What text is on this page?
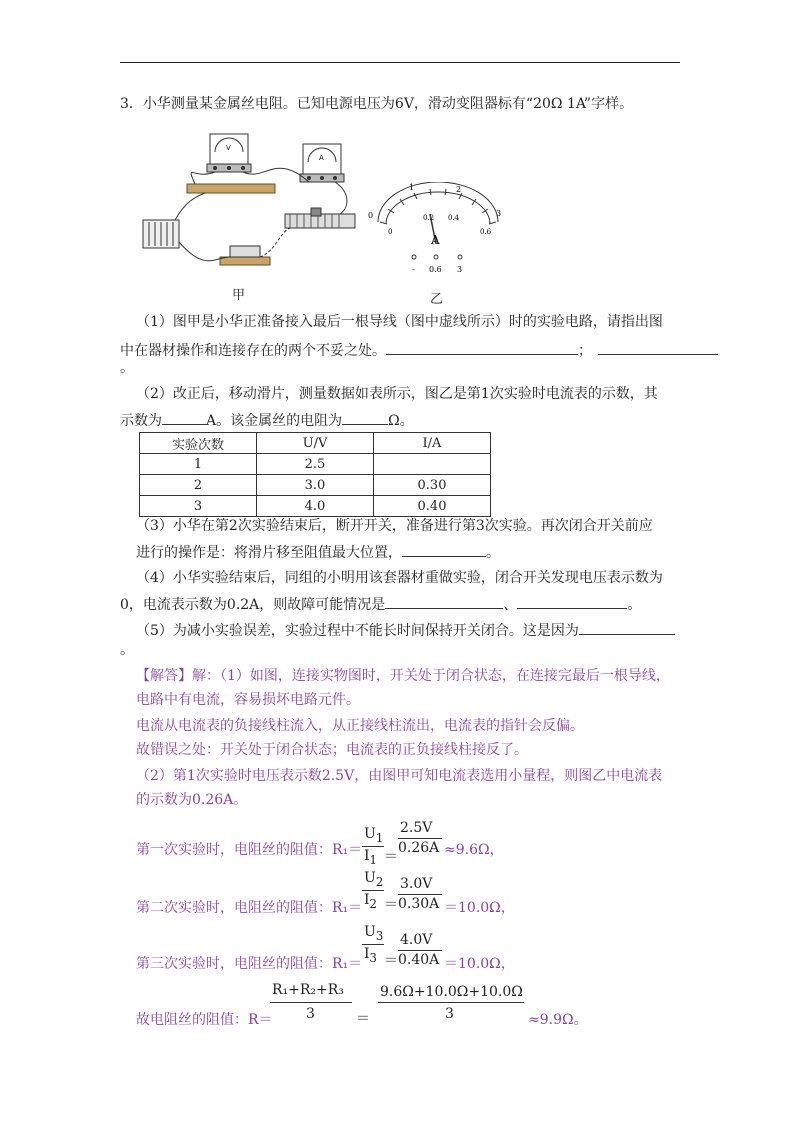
3．小华测量某金属丝电阻。已知电源电压为6V，滑动变阻器标有“20Ω 1A”字样。
V
A
甲
0
1	2
3
0
0.2 0.4
0.6
A
- 0.6 3
乙
（1）图甲是小华正准备接入最后一根导线（图中虚线所示）时的实验电路，请指出图
中在器材操作和连接存在的两个不妥之处。	；
。
（2）改正后，移动滑片，测量数据如表所示，图乙是第1次实验时电流表的示数，其
示数为	A。该金属丝的电阻为	Ω。
实验次数	U/V	I/A
1	2.5	
2	3.0	0.30
3	4.0	0.40
（3）小华在第2次实验结束后，断开开关，准备进行第3次实验。再次闭合开关前应
进行的操作是：将滑片移至阻值最大位置，	。
（4）小华实验结束后，同组的小明用该套器材重做实验，闭合开关发现电压表示数为
0，电流表示数为0.2A，则故障可能情况是	、	。
（5）为减小实验误差，实验过程中不能长时间保持开关闭合。这是因为
。
【解答】解：（1）如图，连接实物图时，开关处于闭合状态，在连接完最后一根导线，
电路中有电流，容易损坏电路元件。
电流从电流表的负接线柱流入，从正接线柱流出，电流表的指针会反偏。
故错误之处：开关处于闭合状态；电流表的正负接线柱接反了。
（2）第1次实验时电压表示数2.5V，由图甲可知电流表选用小量程，则图乙中电流表
的示数为0.26A。
$U_1$
第一次实验时，电阻丝的阻值：$R_1= I_1$ ＝
2.5V
0.26A ≈9.6Ω，
$U_2$
第二次实验时，电阻丝的阻值：$R_1= I_2$ ＝
3.0V
0.30A ＝10.0Ω，
$U_3$
第三次实验时，电阻丝的阻值：R₁＝
$I_3$ ＝
4.0V
0.40A ＝10.0Ω，
R₁+R₂+R₃
3
故电阻丝的阻值：R＝	＝
9.6Ω+10.0Ω+10.0Ω
3	≈9.9Ω。
